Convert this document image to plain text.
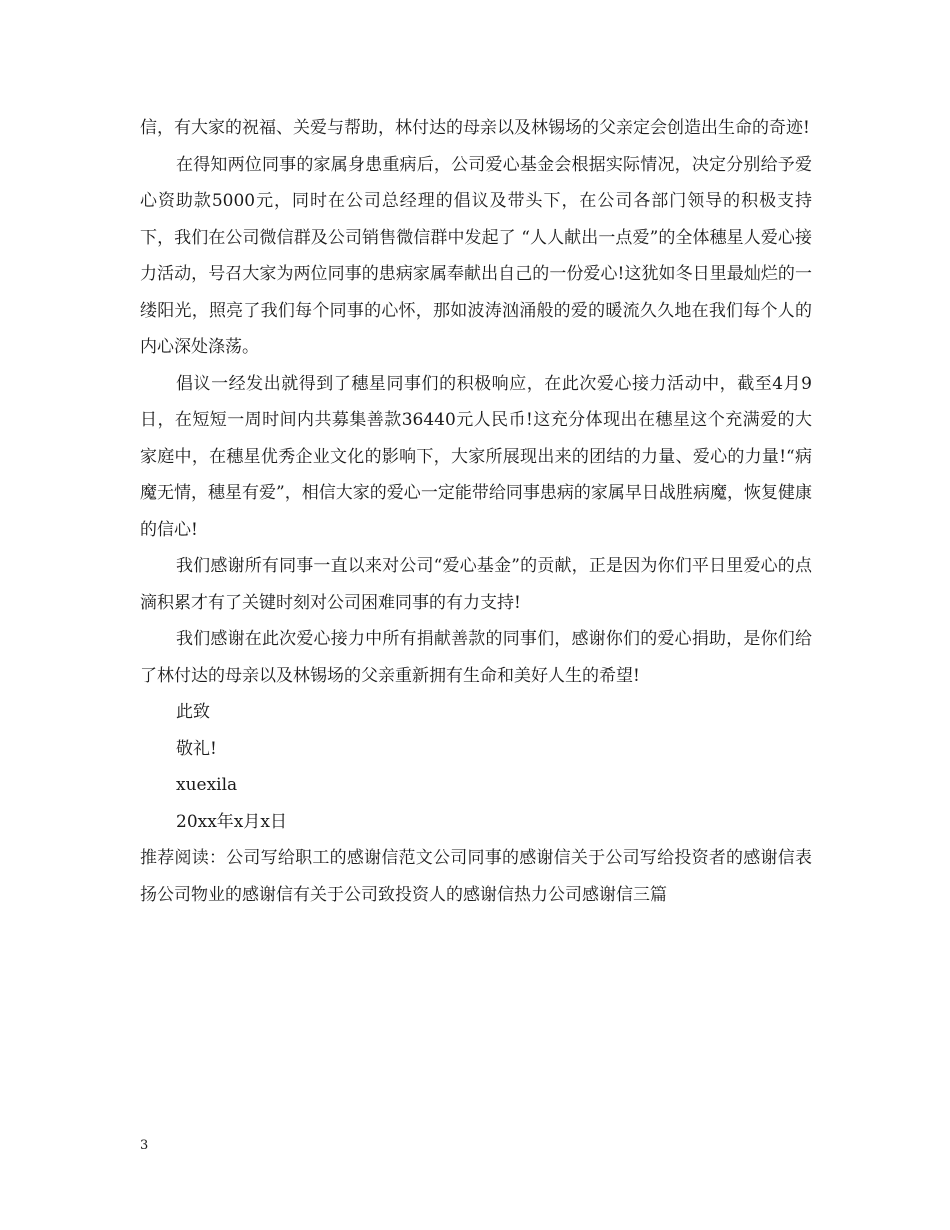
信，有大家的祝福、关爱与帮助，林付达的母亲以及林锡场的父亲定会创造出生命的奇迹!

在得知两位同事的家属身患重病后，公司爱心基金会根据实际情况，决定分别给予爱心资助款5000元，同时在公司总经理的倡议及带头下，在公司各部门领导的积极支持下，我们在公司微信群及公司销售微信群中发起了 “人人献出一点爱”的全体穗星人爱心接力活动，号召大家为两位同事的患病家属奉献出自己的一份爱心!这犹如冬日里最灿烂的一缕阳光，照亮了我们每个同事的心怀，那如波涛汹涌般的爱的暖流久久地在我们每个人的内心深处涤荡。

倡议一经发出就得到了穗星同事们的积极响应，在此次爱心接力活动中，截至4月9日，在短短一周时间内共募集善款36440元人民币!这充分体现出在穗星这个充满爱的大家庭中，在穗星优秀企业文化的影响下，大家所展现出来的团结的力量、爱心的力量!“病魔无情，穗星有爱”，相信大家的爱心一定能带给同事患病的家属早日战胜病魔，恢复健康的信心!

我们感谢所有同事一直以来对公司“爱心基金”的贡献，正是因为你们平日里爱心的点滴积累才有了关键时刻对公司困难同事的有力支持!

我们感谢在此次爱心接力中所有捐献善款的同事们，感谢你们的爱心捐助，是你们给了林付达的母亲以及林锡场的父亲重新拥有生命和美好人生的希望!

此致

敬礼!

xuexila

20xx年x月x日

推荐阅读：公司写给职工的感谢信范文公司同事的感谢信关于公司写给投资者的感谢信表扬公司物业的感谢信有关于公司致投资人的感谢信热力公司感谢信三篇

3
